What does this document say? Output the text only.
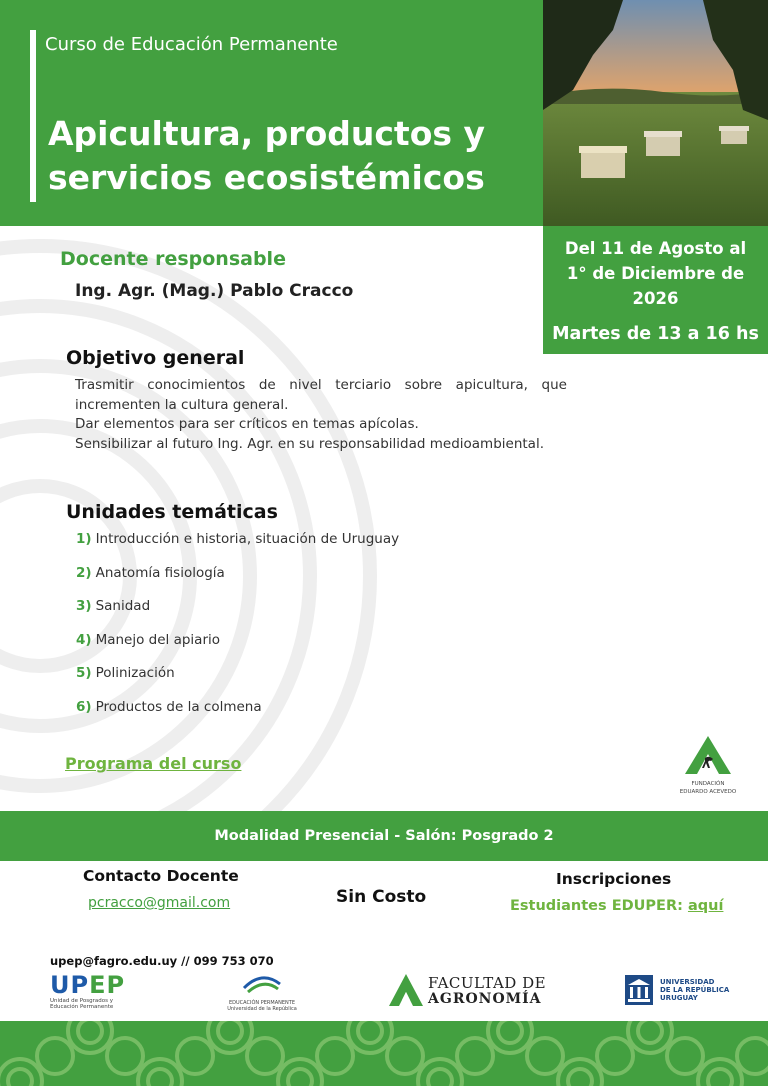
Curso de Educación Permanente
Apicultura, productos y
servicios ecosistémicos
Del 11 de Agosto al
1° de Diciembre de
2026
Martes de 13 a 16 hs
Docente responsable
Ing. Agr. (Mag.) Pablo Cracco
Objetivo general

Trasmitir conocimientos de nivel terciario sobre apicultura, que incrementen la cultura general.

Dar elementos para ser críticos en temas apícolas.

Sensibilizar al futuro Ing. Agr. en su responsabilidad medioambiental.

Unidades temáticas
1) Introducción e historia, situación de Uruguay
2) Anatomía fisiología
3) Sanidad
4) Manejo del apiario
5) Polinización
6) Productos de la colmena
Programa del curso
FUNDACIÓN
EDUARDO ACEVEDO
Modalidad Presencial - Salón: Posgrado 2
Contacto Docente
pcracco@gmail.com	Sin Costo
Inscripciones
Estudiantes EDUPER: aquí
upep@fagro.edu.uy // 099 753 070
UPEP
Unidad de Posgrados y Educación Permanente
EDUCACIÓN PERMANENTE
Universidad de la República
FACULTAD DE
AGRONOMÍA
UNIVERSIDAD
DE LA REPÚBLICA
URUGUAY
